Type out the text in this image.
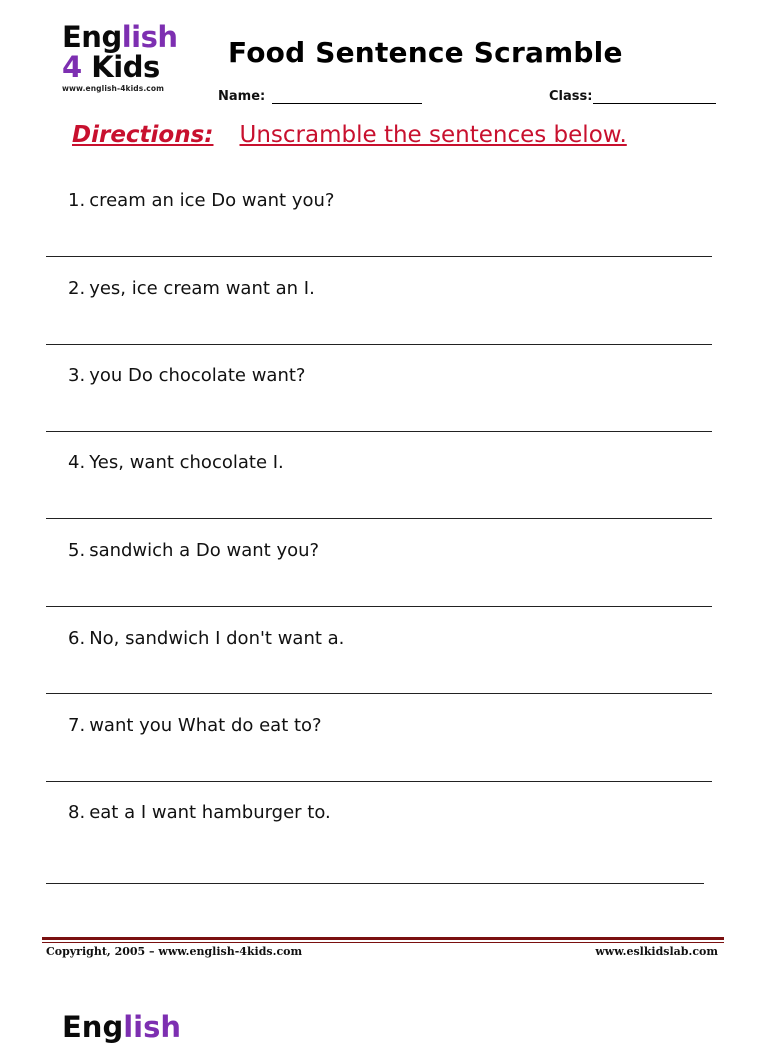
English
4 Kids
www.english-4kids.com
Food Sentence Scramble
Name:	Class:
Directions: Unscramble the sentences below.
1. cream an ice Do want you?
2. yes, ice cream want an I.
3. you Do chocolate want?
4. Yes, want chocolate I.
5. sandwich a Do want you?
6. No, sandwich I don't want a.
7. want you What do eat to?
8. eat a I want hamburger to.
Copyright, 2005 – www.english-4kids.com	www.eslkidslab.com
English
